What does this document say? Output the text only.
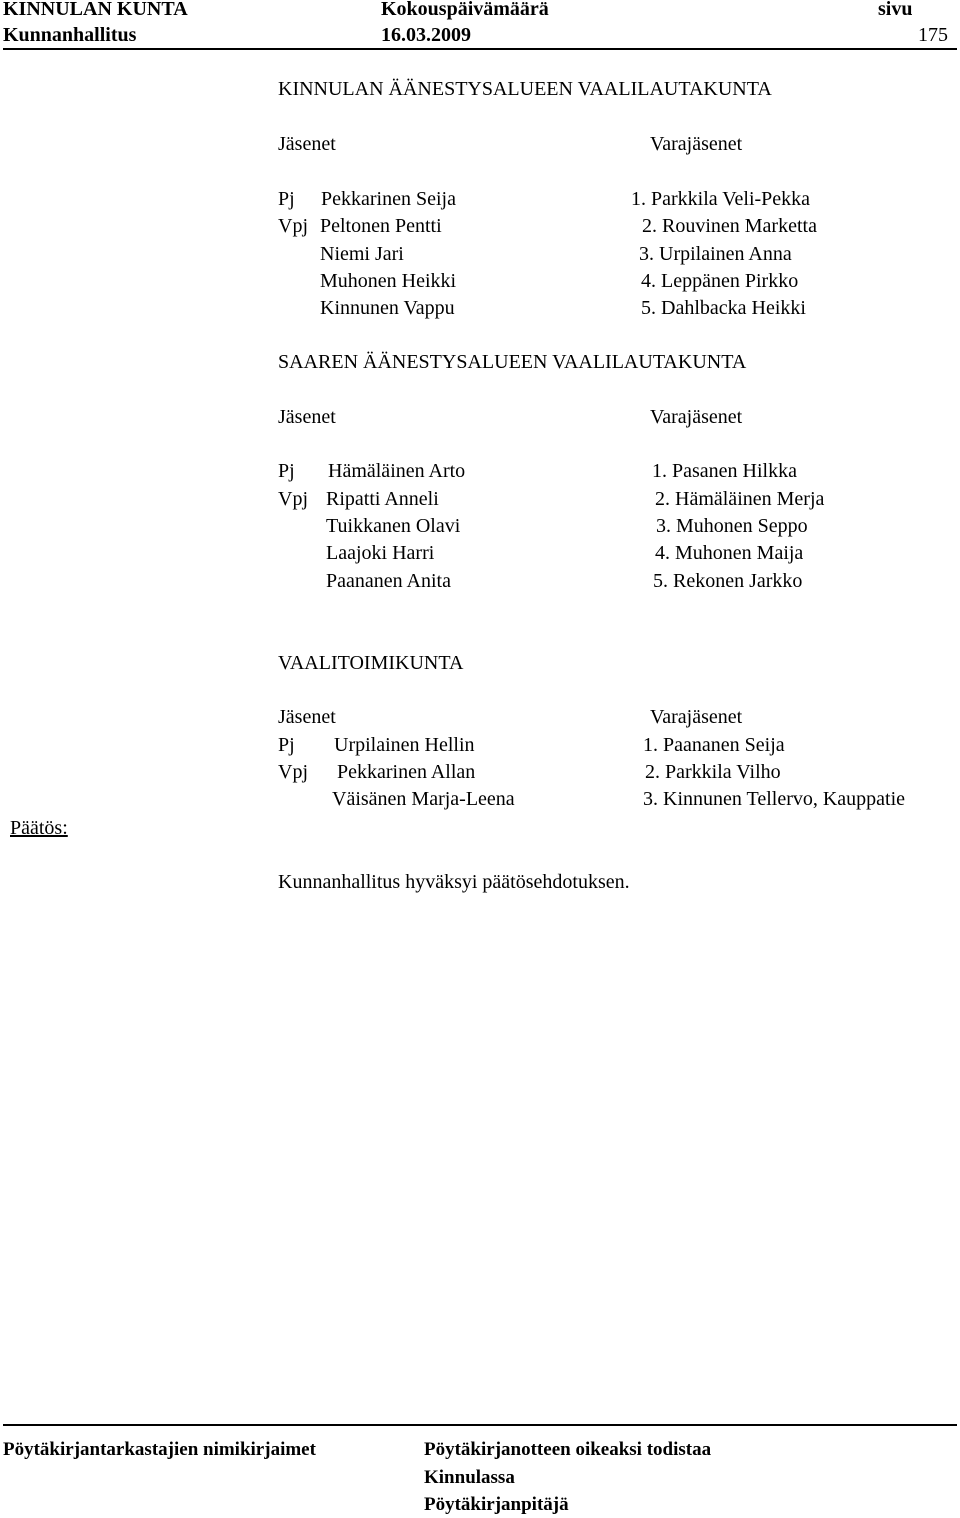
KINNULAN KUNTA	Kokouspäivämäärä	sivu
Kunnanhallitus	16.03.2009	175
KINNULAN ÄÄNESTYSALUEEN VAALILAUTAKUNTA
Jäsenet	Varajäsenet
Pj Pekkarinen Seija	1. Parkkila Veli-Pekka
Vpj Peltonen Pentti	2. Rouvinen Marketta
Niemi Jari	3. Urpilainen Anna
Muhonen Heikki	4. Leppänen Pirkko
Kinnunen Vappu	5. Dahlbacka Heikki
SAAREN ÄÄNESTYSALUEEN VAALILAUTAKUNTA
Jäsenet	Varajäsenet
Pj Hämäläinen Arto	1. Pasanen Hilkka
Vpj Ripatti Anneli	2. Hämäläinen Merja
Tuikkanen Olavi	3. Muhonen Seppo
Laajoki Harri	4. Muhonen Maija
Paananen Anita	5. Rekonen Jarkko
VAALITOIMIKUNTA
Jäsenet	Varajäsenet
Pj Urpilainen Hellin	1. Paananen Seija
Vpj Pekkarinen Allan	2. Parkkila Vilho
Väisänen Marja-Leena	3. Kinnunen Tellervo, Kauppatie
Päätös:
Kunnanhallitus hyväksyi päätösehdotuksen.
Pöytäkirjantarkastajien nimikirjaimet	Pöytäkirjanotteen oikeaksi todistaa
Kinnulassa
Pöytäkirjanpitäjä
